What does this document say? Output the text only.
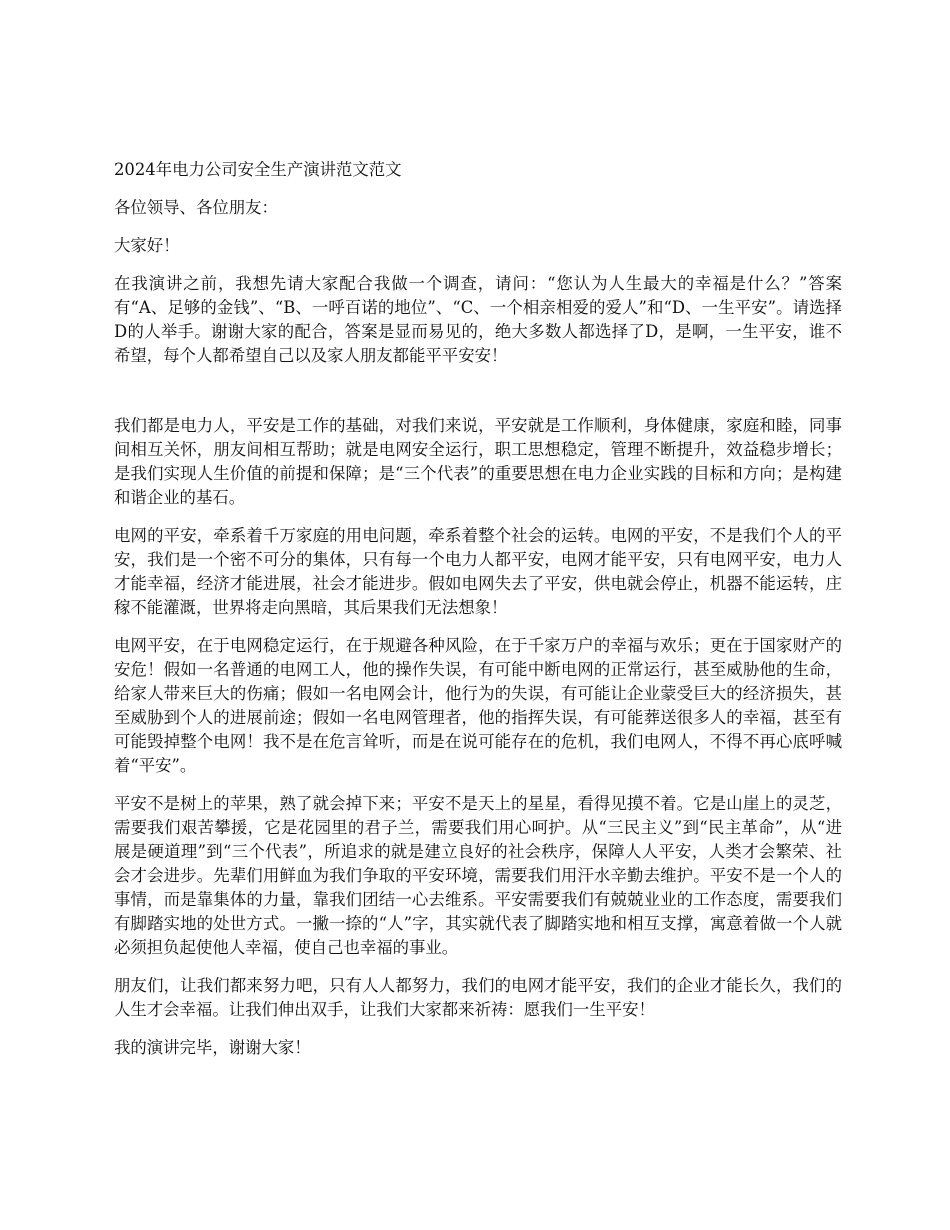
2024年电力公司安全生产演讲范文范文

各位领导、各位朋友：

大家好！

在我演讲之前，我想先请大家配合我做一个调查，请问：“您认为人生最大的幸福是什么？”答案有“A、足够的金钱”、“B、一呼百诺的地位”、“C、一个相亲相爱的爱人”和“D、一生平安”。请选择D的人举手。谢谢大家的配合，答案是显而易见的，绝大多数人都选择了D，是啊，一生平安，谁不希望，每个人都希望自己以及家人朋友都能平平安安！

我们都是电力人，平安是工作的基础，对我们来说，平安就是工作顺利，身体健康，家庭和睦，同事间相互关怀，朋友间相互帮助；就是电网安全运行，职工思想稳定，管理不断提升，效益稳步增长；是我们实现人生价值的前提和保障；是“三个代表”的重要思想在电力企业实践的目标和方向；是构建和谐企业的基石。

电网的平安，牵系着千万家庭的用电问题，牵系着整个社会的运转。电网的平安，不是我们个人的平安，我们是一个密不可分的集体，只有每一个电力人都平安，电网才能平安，只有电网平安，电力人才能幸福，经济才能进展，社会才能进步。假如电网失去了平安，供电就会停止，机器不能运转，庄稼不能灌溉，世界将走向黑暗，其后果我们无法想象！

电网平安，在于电网稳定运行，在于规避各种风险，在于千家万户的幸福与欢乐；更在于国家财产的安危！假如一名普通的电网工人，他的操作失误，有可能中断电网的正常运行，甚至威胁他的生命，给家人带来巨大的伤痛；假如一名电网会计，他行为的失误，有可能让企业蒙受巨大的经济损失，甚至威胁到个人的进展前途；假如一名电网管理者，他的指挥失误，有可能葬送很多人的幸福，甚至有可能毁掉整个电网！我不是在危言耸听，而是在说可能存在的危机，我们电网人，不得不再心底呼喊着“平安”。

平安不是树上的苹果，熟了就会掉下来；平安不是天上的星星，看得见摸不着。它是山崖上的灵芝，需要我们艰苦攀援，它是花园里的君子兰，需要我们用心呵护。从“三民主义”到“民主革命”，从“进展是硬道理”到“三个代表”，所追求的就是建立良好的社会秩序，保障人人平安，人类才会繁荣、社会才会进步。先辈们用鲜血为我们争取的平安环境，需要我们用汗水辛勤去维护。平安不是一个人的事情，而是靠集体的力量，靠我们团结一心去维系。平安需要我们有兢兢业业的工作态度，需要我们有脚踏实地的处世方式。一撇一捺的“人”字，其实就代表了脚踏实地和相互支撑，寓意着做一个人就必须担负起使他人幸福，使自己也幸福的事业。

朋友们，让我们都来努力吧，只有人人都努力，我们的电网才能平安，我们的企业才能长久，我们的人生才会幸福。让我们伸出双手，让我们大家都来祈祷：愿我们一生平安！

我的演讲完毕，谢谢大家！
